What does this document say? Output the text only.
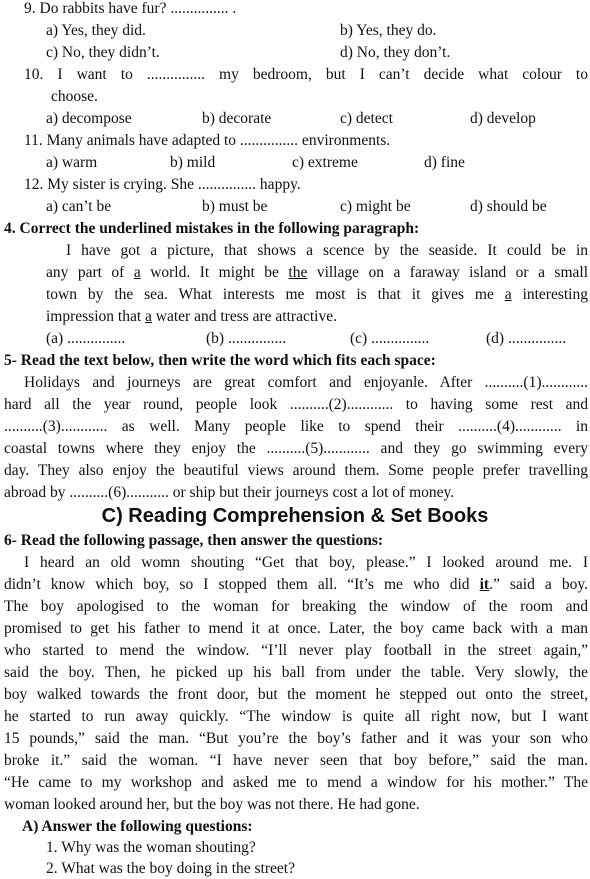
9. Do rabbits have fur? ............... .
a) Yes, they did.	b) Yes, they do.
c) No, they didn’t.	d) No, they don’t.
10. I want to ............... my bedroom, but I can’t decide what colour to
choose.
a) decompose	b) decorate	c) detect	d) develop
11. Many animals have adapted to ............... environments.
a) warm	b) mild	c) extreme	d) fine
12. My sister is crying. She ............... happy.
a) can’t be	b) must be	c) might be	d) should be
4. Correct the underlined mistakes in the following paragraph:
I have got a picture, that shows a scence by the seaside. It could be in
any part of a world. It might be the village on a faraway island or a small
town by the sea. What interests me most is that it gives me a interesting
impression that a water and tress are attractive.
(a) ...............	(b) ...............	(c) ...............	(d) ...............
5- Read the text below, then write the word which fits each space:
Holidays and journeys are great comfort and enjoyanle. After ..........(1)............
hard all the year round, people look ..........(2)............ to having some rest and
..........(3)............ as well. Many people like to spend their ..........(4)............ in
coastal towns where they enjoy the ..........(5)............ and they go swimming every
day. They also enjoy the beautiful views around them. Some people prefer travelling
abroad by ..........(6)........... or ship but their journeys cost a lot of money.
C) Reading Comprehension & Set Books
6- Read the following passage, then answer the questions:
I heard an old womn shouting “Get that boy, please.” I looked around me. I
didn’t know which boy, so I stopped them all. “It’s me who did it.” said a boy.
The boy apologised to the woman for breaking the window of the room and
promised to get his father to mend it at once. Later, the boy came back with a man
who started to mend the window. “I’ll never play football in the street again,”
said the boy. Then, he picked up his ball from under the table. Very slowly, the
boy walked towards the front door, but the moment he stepped out onto the street,
he started to run away quickly. “The window is quite all right now, but I want
15 pounds,” said the man. “But you’re the boy’s father and it was your son who
broke it.” said the woman. “I have never seen that boy before,” said the man.
“He came to my workshop and asked me to mend a window for his mother.” The
woman looked around her, but the boy was not there. He had gone.
A) Answer the following questions:
1. Why was the woman shouting?
2. What was the boy doing in the street?
